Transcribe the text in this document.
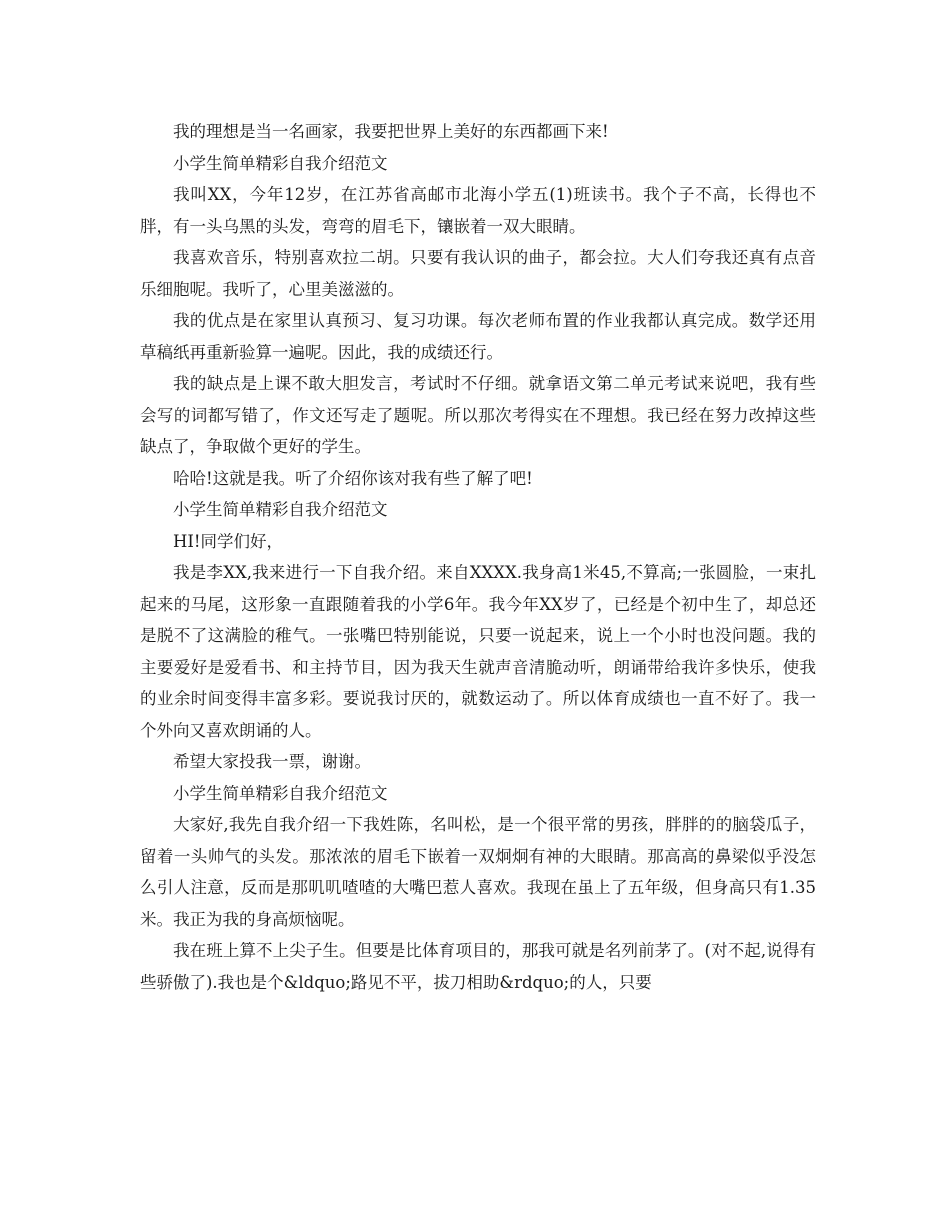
我的理想是当一名画家，我要把世界上美好的东西都画下来!

小学生简单精彩自我介绍范文

我叫XX，今年12岁，在江苏省高邮市北海小学五(1)班读书。我个子不高，长得也不胖，有一头乌黑的头发，弯弯的眉毛下，镶嵌着一双大眼睛。

我喜欢音乐，特别喜欢拉二胡。只要有我认识的曲子，都会拉。大人们夸我还真有点音乐细胞呢。我听了，心里美滋滋的。

我的优点是在家里认真预习、复习功课。每次老师布置的作业我都认真完成。数学还用草稿纸再重新验算一遍呢。因此，我的成绩还行。

我的缺点是上课不敢大胆发言，考试时不仔细。就拿语文第二单元考试来说吧，我有些会写的词都写错了，作文还写走了题呢。所以那次考得实在不理想。我已经在努力改掉这些缺点了，争取做个更好的学生。

哈哈!这就是我。听了介绍你该对我有些了解了吧!

小学生简单精彩自我介绍范文

HI!同学们好，

我是李XX,我来进行一下自我介绍。来自XXXX.我身高1米45,不算高;一张圆脸，一束扎起来的马尾，这形象一直跟随着我的小学6年。我今年XX岁了，已经是个初中生了，却总还是脱不了这满脸的稚气。一张嘴巴特别能说，只要一说起来，说上一个小时也没问题。我的主要爱好是爱看书、和主持节目，因为我天生就声音清脆动听，朗诵带给我许多快乐，使我的业余时间变得丰富多彩。要说我讨厌的，就数运动了。所以体育成绩也一直不好了。我一个外向又喜欢朗诵的人。

希望大家投我一票，谢谢。

小学生简单精彩自我介绍范文

大家好,我先自我介绍一下我姓陈，名叫松，是一个很平常的男孩，胖胖的的脑袋瓜子，留着一头帅气的头发。那浓浓的眉毛下嵌着一双炯炯有神的大眼睛。那高高的鼻梁似乎没怎么引人注意，反而是那叽叽喳喳的大嘴巴惹人喜欢。我现在虽上了五年级，但身高只有1.35米。我正为我的身高烦恼呢。

我在班上算不上尖子生。但要是比体育项目的，那我可就是名列前茅了。(对不起,说得有些骄傲了).我也是个&ldquo;路见不平，拔刀相助&rdquo;的人，只要
